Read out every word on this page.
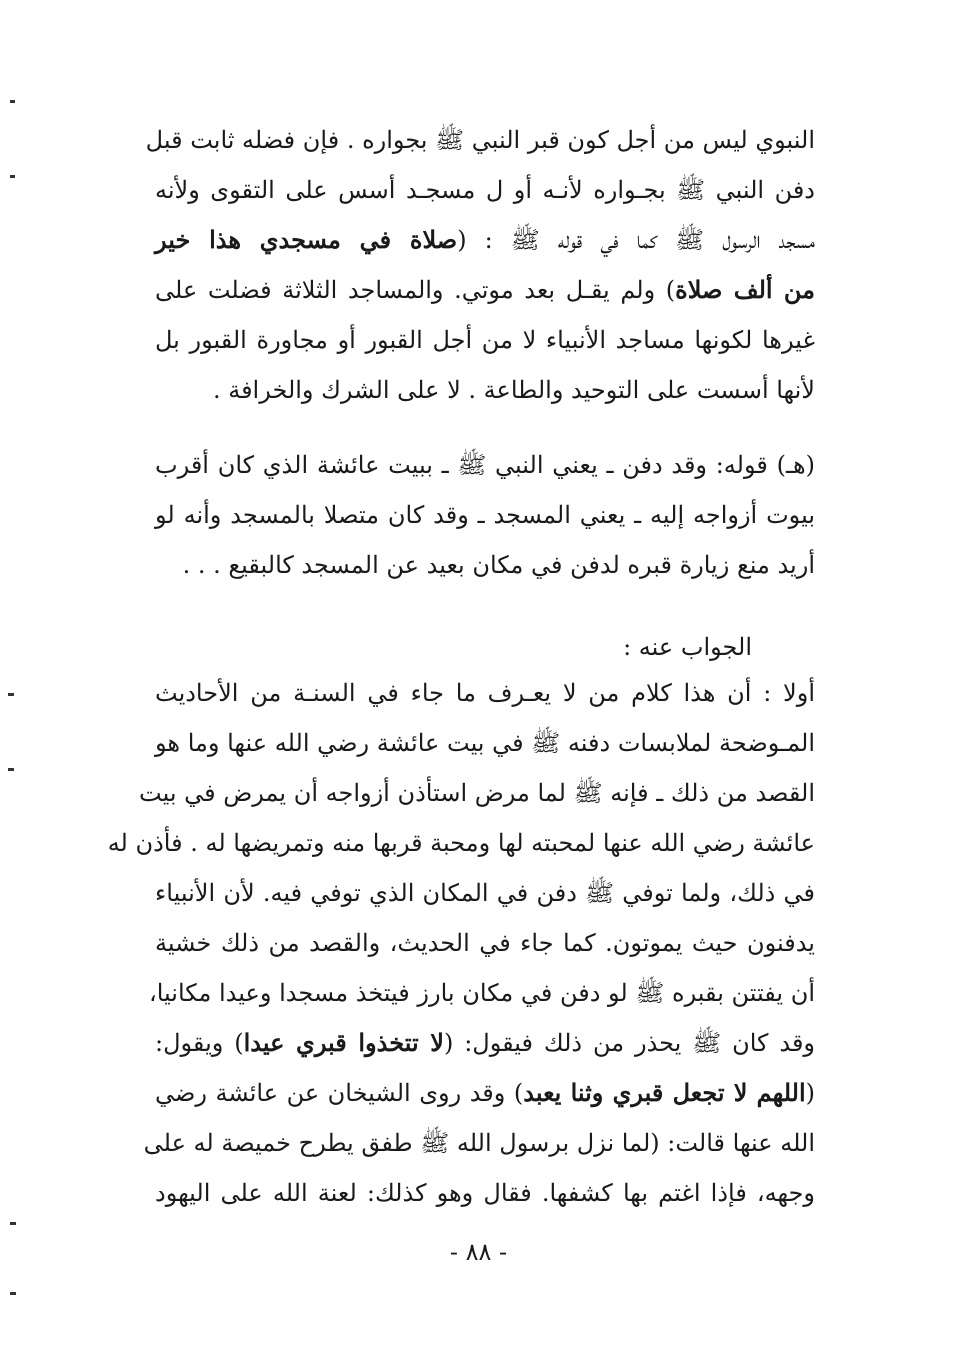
النبوي ليس من أجل كون قبر النبي ﷺ بجواره . فإن فضله ثابت قبل
دفن النبي ﷺ بجـواره لأنـه أو ل مسجـد أسس على التقوى ولأنه
مسجد الرسول ﷺ كما في قوله ﷺ : (صلاة في مسجدي هذا خير
من ألف صلاة) ولم يقـل بعد موتي. والمساجد الثلاثة فضلت على
غيرها لكونها مساجد الأنبياء لا من أجل القبور أو مجاورة القبور بل
لأنها أسست على التوحيد والطاعة . لا على الشرك والخرافة .
(هـ) قوله: وقد دفن ـ يعني النبي ﷺ ـ ببيت عائشة الذي كان أقرب
بيوت أزواجه إليه ـ يعني المسجد ـ وقد كان متصلا بالمسجد وأنه لو
أريد منع زيارة قبره لدفن في مكان بعيد عن المسجد كالبقيع . . .
الجواب عنه :
أولا : أن هذا كلام من لا يعـرف ما جاء في السنـة من الأحاديث
المـوضحة لملابسات دفنه ﷺ في بيت عائشة رضي الله عنها وما هو
القصد من ذلك ـ فإنه ﷺ لما مرض استأذن أزواجه أن يمرض في بيت
عائشة رضي الله عنها لمحبته لها ومحبة قربها منه وتمريضها له . فأذن له
في ذلك، ولما توفي ﷺ دفن في المكان الذي توفي فيه. لأن الأنبياء
يدفنون حيث يموتون. كما جاء في الحديث، والقصد من ذلك خشية
أن يفتتن بقبره ﷺ لو دفن في مكان بارز فيتخذ مسجدا وعيدا مكانيا،
وقد كان ﷺ يحذر من ذلك فيقول: (لا تتخذوا قبري عيدا) ويقول:
(اللهم لا تجعل قبري وثنا يعبد) وقد روى الشيخان عن عائشة رضي
الله عنها قالت: (لما نزل برسول الله ﷺ طفق يطرح خميصة له على
وجهه، فإذا اغتم بها كشفها. فقال وهو كذلك: لعنة الله على اليهود
- ٨٨ -
